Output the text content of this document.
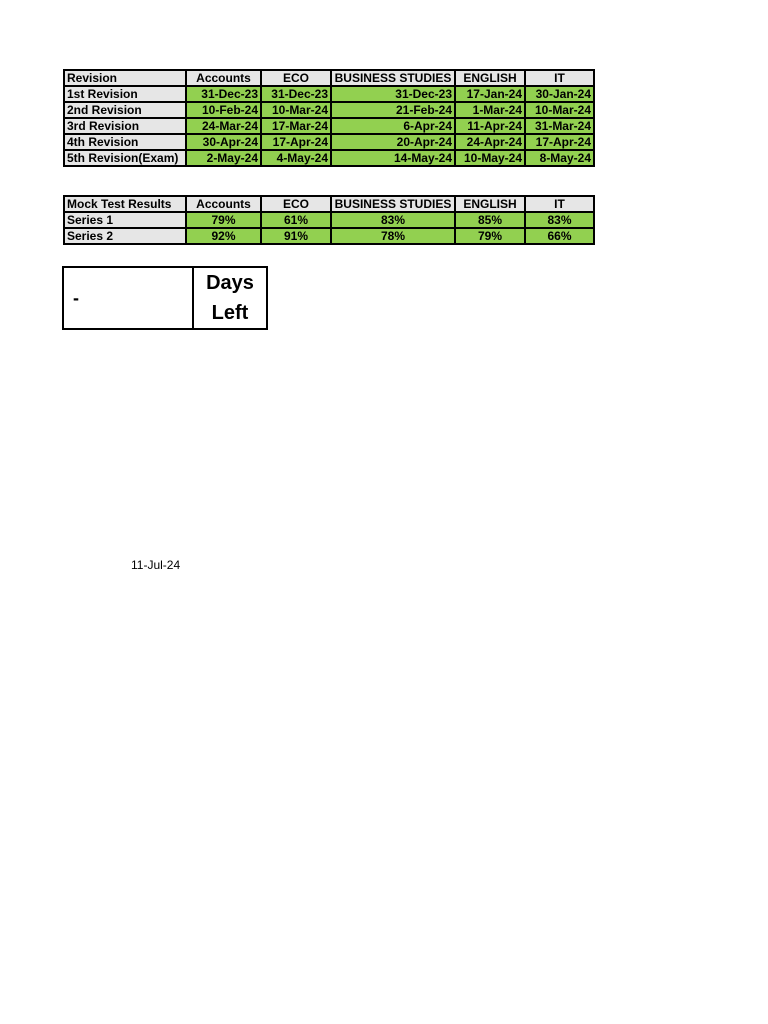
Revision	Accounts	ECO	BUSINESS STUDIES	ENGLISH	IT
1st Revision	31-Dec-23	31-Dec-23	31-Dec-23	17-Jan-24	30-Jan-24
2nd Revision	10-Feb-24	10-Mar-24	21-Feb-24	1-Mar-24	10-Mar-24
3rd Revision	24-Mar-24	17-Mar-24	6-Apr-24	11-Apr-24	31-Mar-24
4th Revision	30-Apr-24	17-Apr-24	20-Apr-24	24-Apr-24	17-Apr-24
5th Revision(Exam)	2-May-24	4-May-24	14-May-24	10-May-24	8-May-24
Mock Test Results	Accounts	ECO	BUSINESS STUDIES	ENGLISH	IT
Series 1	79%	61%	83%	85%	83%
Series 2	92%	91%	78%	79%	66%
-	Days
Left
11-Jul-24
